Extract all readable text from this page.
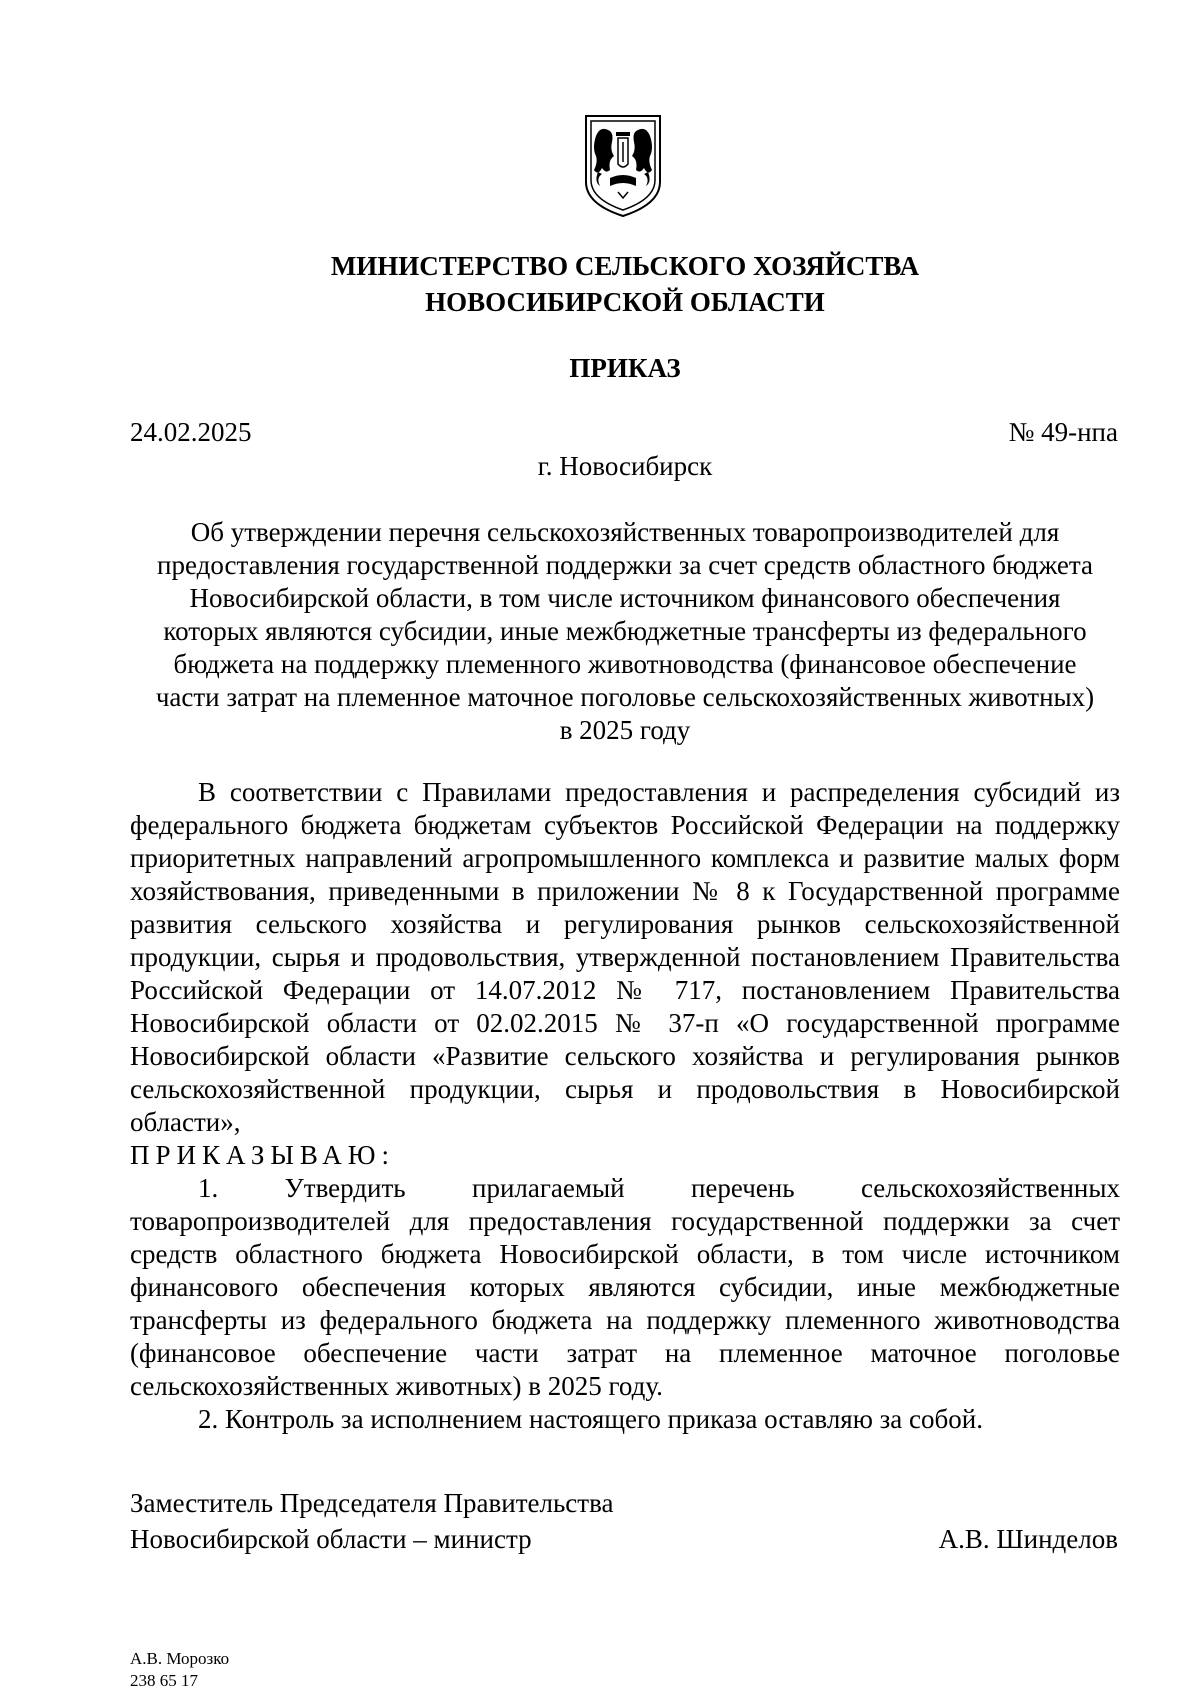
МИНИСТЕРСТВО СЕЛЬСКОГО ХОЗЯЙСТВА
НОВОСИБИРСКОЙ ОБЛАСТИ
ПРИКАЗ
24.02.2025	№ 49-нпа
г. Новосибирск
Об утверждении перечня сельскохозяйственных товаропроизводителей для
предоставления государственной поддержки за счет средств областного бюджета
Новосибирской области, в том числе источником финансового обеспечения
которых являются субсидии, иные межбюджетные трансферты из федерального
бюджета на поддержку племенного животноводства (финансовое обеспечение
части затрат на племенное маточное поголовье сельскохозяйственных животных)
в 2025 году

В соответствии с Правилами предоставления и распределения субсидий из федерального бюджета бюджетам субъектов Российской Федерации на поддержку приоритетных направлений агропромышленного комплекса и развитие малых форм хозяйствования, приведенными в приложении № 8 к Государственной программе развития сельского хозяйства и регулирования рынков сельскохозяйственной продукции, сырья и продовольствия, утвержденной постановлением Правительства Российской Федерации от 14.07.2012 № 717, постановлением Правительства Новосибирской области от 02.02.2015 № 37-п «О государственной программе Новосибирской области «Развитие сельского хозяйства и регулирования рынков сельскохозяйственной продукции, сырья и продовольствия в Новосибирской области»,

ПРИКАЗЫВАЮ:

1. Утвердить прилагаемый перечень сельскохозяйственных товаропроизводителей для предоставления государственной поддержки за счет средств областного бюджета Новосибирской области, в том числе источником финансового обеспечения которых являются субсидии, иные межбюджетные трансферты из федерального бюджета на поддержку племенного животноводства (финансовое обеспечение части затрат на племенное маточное поголовье сельскохозяйственных животных) в 2025 году.

2. Контроль за исполнением настоящего приказа оставляю за собой.

Заместитель Председателя Правительства
Новосибирской области – министр	А.В. Шинделов
А.В. Морозко
238 65 17
